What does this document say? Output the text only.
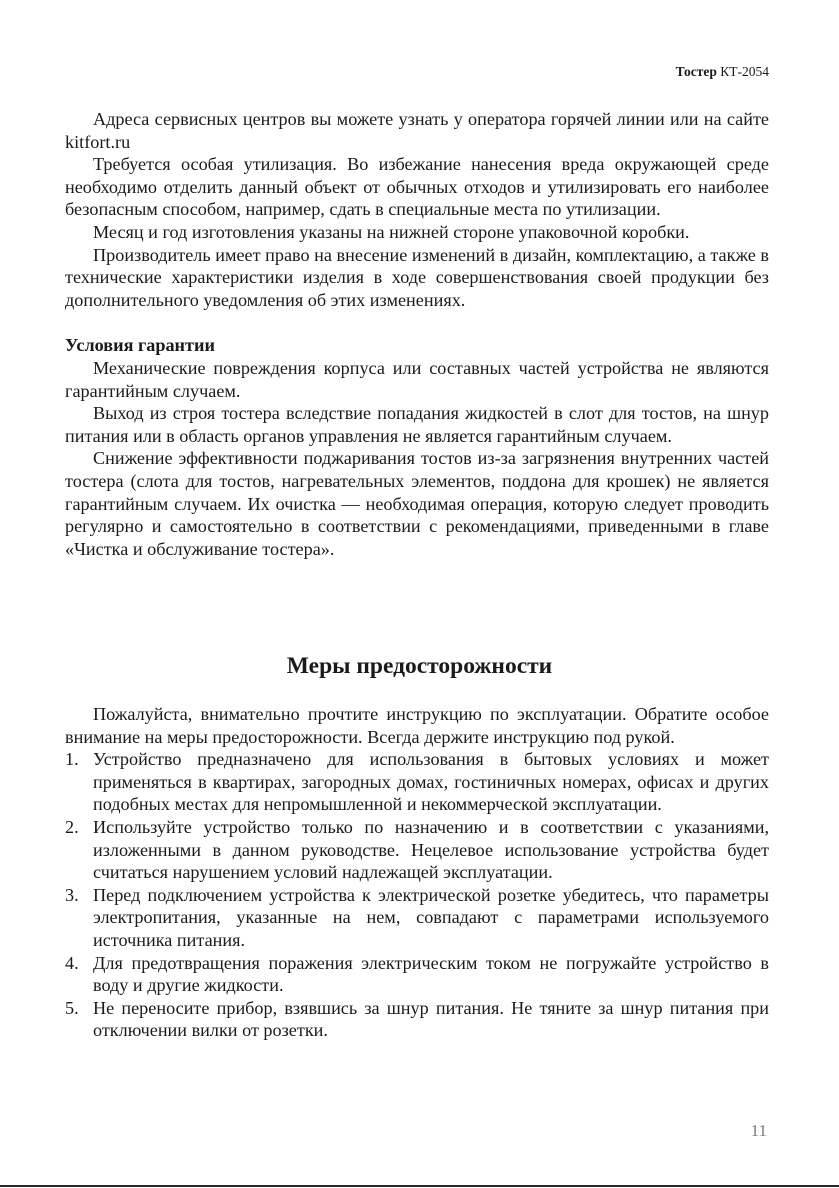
Тостер КТ-2054

Адреса сервисных центров вы можете узнать у оператора горячей линии или на сайте kitfort.ru

Требуется особая утилизация. Во избежание нанесения вреда окружающей среде необходимо отделить данный объект от обычных отходов и утилизировать его наиболее безопасным способом, например, сдать в специальные места по утилизации.

Месяц и год изготовления указаны на нижней стороне упаковочной коробки.

Производитель имеет право на внесение изменений в дизайн, комплектацию, а также в технические характеристики изделия в ходе совершенствования своей продукции без дополнительного уведомления об этих изменениях.

Условия гарантии

Механические повреждения корпуса или составных частей устройства не являются гарантийным случаем.

Выход из строя тостера вследствие попадания жидкостей в слот для тостов, на шнур питания или в область органов управления не является гарантийным случаем.

Снижение эффективности поджаривания тостов из-за загрязнения внутренних частей тостера (слота для тостов, нагревательных элементов, поддона для крошек) не является гарантийным случаем. Их очистка — необходимая операция, которую следует проводить регулярно и самостоятельно в соответствии с рекомендациями, приведенными в главе «Чистка и обслуживание тостера».

Меры предосторожности

Пожалуйста, внимательно прочтите инструкцию по эксплуатации. Обратите особое внимание на меры предосторожности. Всегда держите инструкцию под рукой.

1. Устройство предназначено для использования в бытовых условиях и может применяться в квартирах, загородных домах, гостиничных номерах, офисах и других подобных местах для непромышленной и некоммерческой эксплуатации.
2. Используйте устройство только по назначению и в соответствии с указаниями, изложенными в данном руководстве. Нецелевое использование устройства будет считаться нарушением условий надлежащей эксплуатации.
3. Перед подключением устройства к электрической розетке убедитесь, что параметры электропитания, указанные на нем, совпадают с параметрами используемого источника питания.
4. Для предотвращения поражения электрическим током не погружайте устройство в воду и другие жидкости.
5. Не переносите прибор, взявшись за шнур питания. Не тяните за шнур питания при отключении вилки от розетки.
11
